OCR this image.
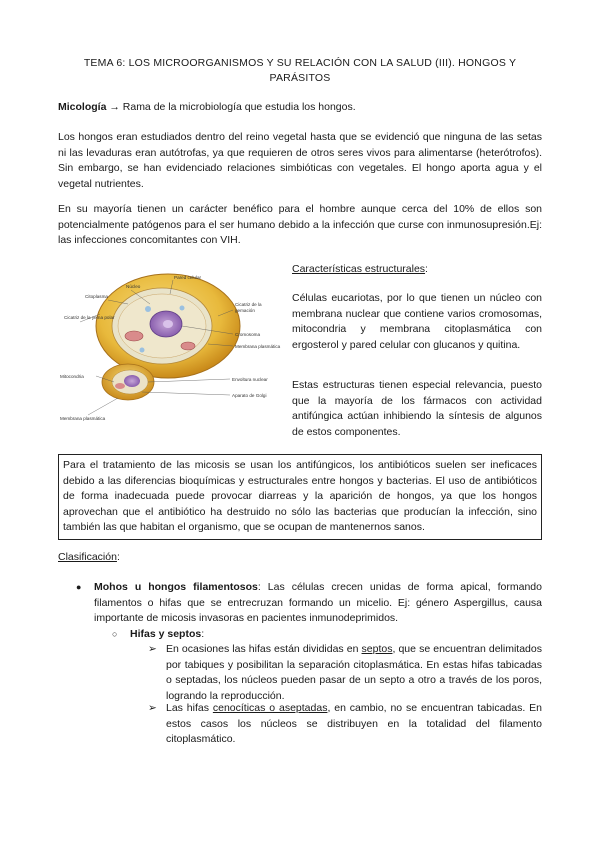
TEMA 6: LOS MICROORGANISMOS Y SU RELACIÓN CON LA SALUD (III). HONGOS Y PARÁSITOS
Micología → Rama de la microbiología que estudia los hongos.
Los hongos eran estudiados dentro del reino vegetal hasta que se evidenció que ninguna de las setas ni las levaduras eran autótrofas, ya que requieren de otros seres vivos para alimentarse (heterótrofos). Sin embargo, se han evidenciado relaciones simbióticas con vegetales. El hongo aporta agua y el vegetal nutrientes.
En su mayoría tienen un carácter benéfico para el hombre aunque cerca del 10% de ellos son potencialmente patógenos para el ser humano debido a la infección que curse con inmunosupresión.Ej: las infecciones concomitantes con VIH.
Pared celular
Núcleo
Citoplasma
Cicatriz de la yema polar
Cicatriz de la
gemación
Cromosoma
Membrana plasmática
Mitocondria
Envoltura nuclear
Aparato de Golgi
Membrana plasmática
Características estructurales:
Células eucariotas, por lo que tienen un núcleo con membrana nuclear que contiene varios cromosomas, mitocondria y membrana citoplasmática con ergosterol y pared celular con glucanos y quitina.
Estas estructuras tienen especial relevancia, puesto que la mayoría de los fármacos con actividad antifúngica actúan inhibiendo la síntesis de algunos de estos componentes.
Para el tratamiento de las micosis se usan los antifúngicos, los antibióticos suelen ser ineficaces debido a las diferencias bioquímicas y estructurales entre hongos y bacterias. El uso de antibióticos de forma inadecuada puede provocar diarreas y la aparición de hongos, ya que los hongos aprovechan que el antibiótico ha destruido no sólo las bacterias que producían la infección, sino también las que habitan el organismo, que se ocupan de mantenernos sanos.
Clasificación:
● Mohos u hongos filamentosos: Las células crecen unidas de forma apical, formando filamentos o hifas que se entrecruzan formando un micelio. Ej: género Aspergillus, causa importante de micosis invasoras en pacientes inmunodeprimidos.
○ Hifas y septos:
➢ En ocasiones las hifas están divididas en septos, que se encuentran delimitados por tabiques y posibilitan la separación citoplasmática. En estas hifas tabicadas o septadas, los núcleos pueden pasar de un septo a otro a través de los poros, logrando la reproducción.
➢ Las hifas cenocíticas o aseptadas, en cambio, no se encuentran tabicadas. En estos casos los núcleos se distribuyen en la totalidad del filamento citoplasmático.
